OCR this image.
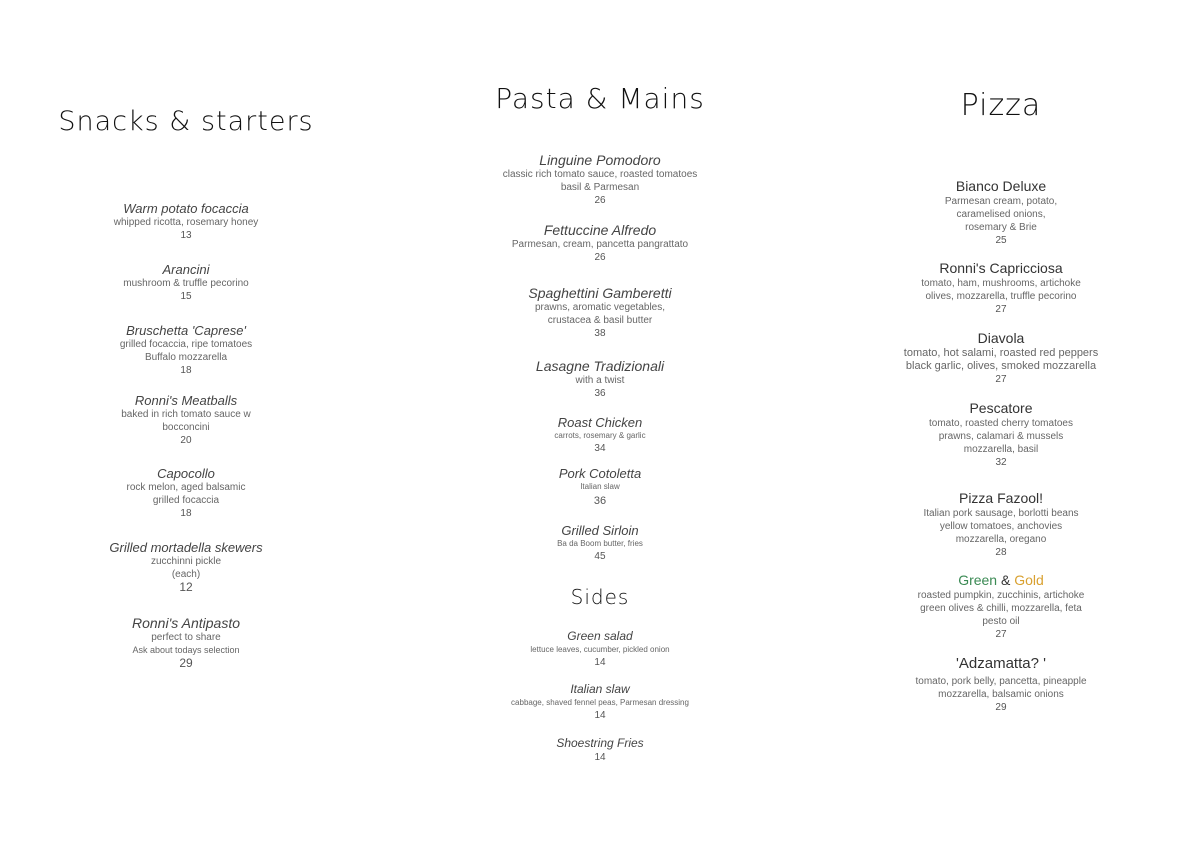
Snacks & starters
Warm potato focaccia
whipped ricotta, rosemary honey
13
Arancini
mushroom & truffle pecorino
15
Bruschetta 'Caprese'
grilled focaccia, ripe tomatoes
Buffalo mozzarella
18
Ronni's Meatballs
baked in rich tomato sauce w
bocconcini
20
Capocollo
rock melon, aged balsamic
grilled focaccia
18
Grilled mortadella skewers
zucchinni pickle
(each)
12
Ronni's Antipasto
perfect to share
Ask about todays selection
29
Pasta & Mains
Linguine Pomodoro
classic rich tomato sauce, roasted tomatoes
basil & Parmesan
26
Fettuccine Alfredo
Parmesan, cream, pancetta pangrattato
26
Spaghettini Gamberetti
prawns, aromatic vegetables,
crustacea & basil butter
38
Lasagne Tradizionali
with a twist
36
Roast Chicken
carrots, rosemary & garlic
34
Pork Cotoletta
Italian slaw
36
Grilled Sirloin
Ba da Boom butter, fries
45
Sides
Green salad
lettuce leaves, cucumber, pickled onion
14
Italian slaw
cabbage, shaved fennel peas, Parmesan dressing
14
Shoestring Fries
14
Pizza
Bianco Deluxe
Parmesan cream, potato,
caramelised onions,
rosemary & Brie
25
Ronni's Capricciosa
tomato, ham, mushrooms, artichoke
olives, mozzarella, truffle pecorino
27
Diavola
tomato, hot salami, roasted red peppers
black garlic, olives, smoked mozzarella
27
Pescatore
tomato, roasted cherry tomatoes
prawns, calamari & mussels
mozzarella, basil
32
Pizza Fazool!
Italian pork sausage, borlotti beans
yellow tomatoes, anchovies
mozzarella, oregano
28
Green & Gold
roasted pumpkin, zucchinis, artichoke
green olives & chilli, mozzarella, feta
pesto oil
27
'Adzamatta? '
tomato, pork belly, pancetta, pineapple
mozzarella, balsamic onions
29
